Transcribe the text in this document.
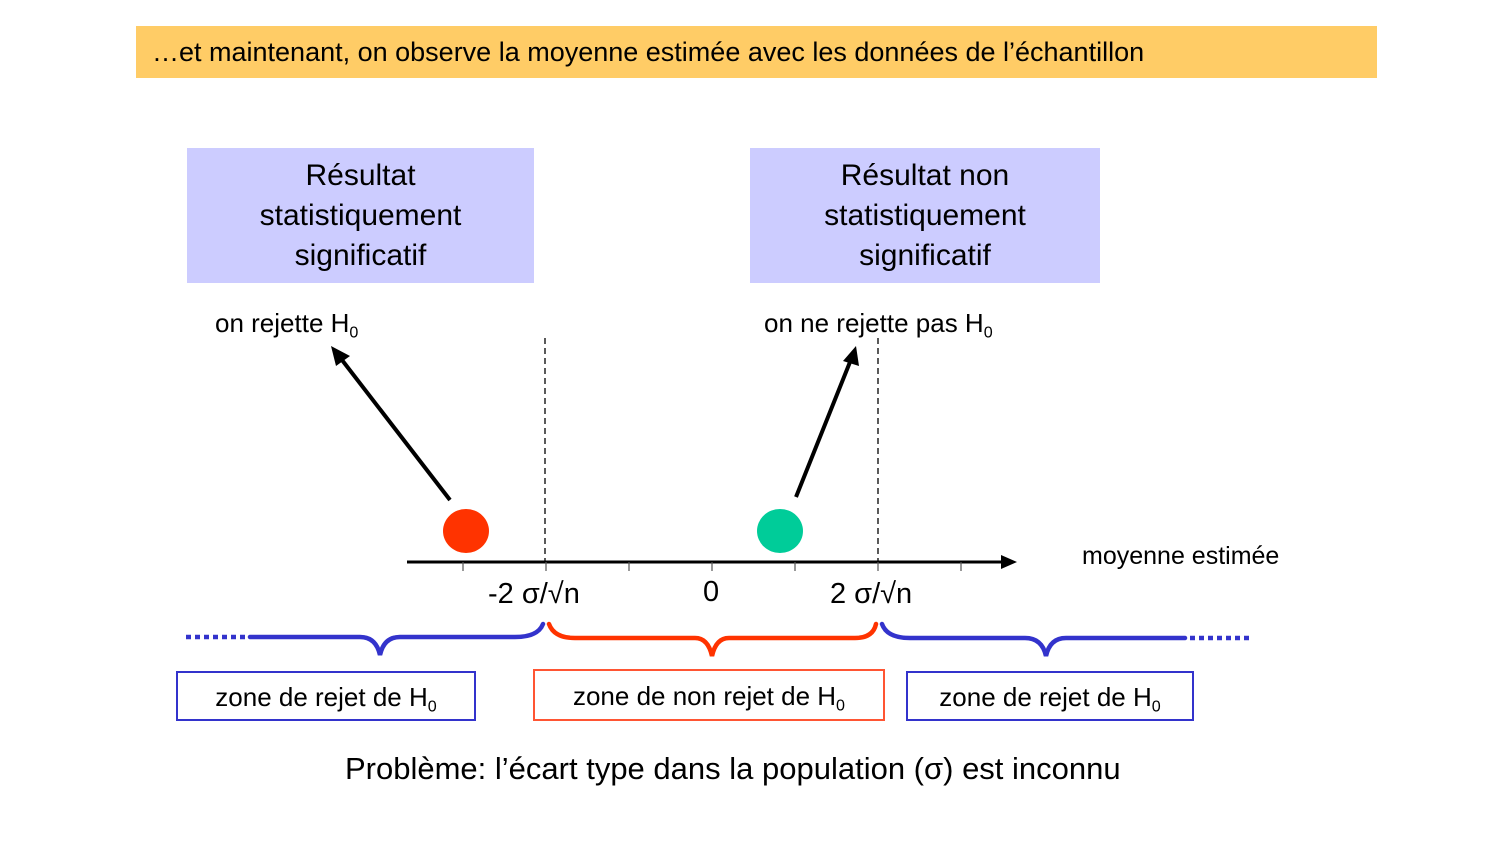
…et maintenant, on observe la moyenne estimée avec les données de l’échantillon
Résultat
statistiquement
significatif
Résultat non
statistiquement
significatif
on rejette $H_0$	on ne rejette pas $H_0$
-2 σ/√n	0	2 σ/√n
moyenne estimée
zone de rejet de $H_0$	zone de non rejet de $H_0$	zone de rejet de $H_0$
Problème: l’écart type dans la population (σ) est inconnu
